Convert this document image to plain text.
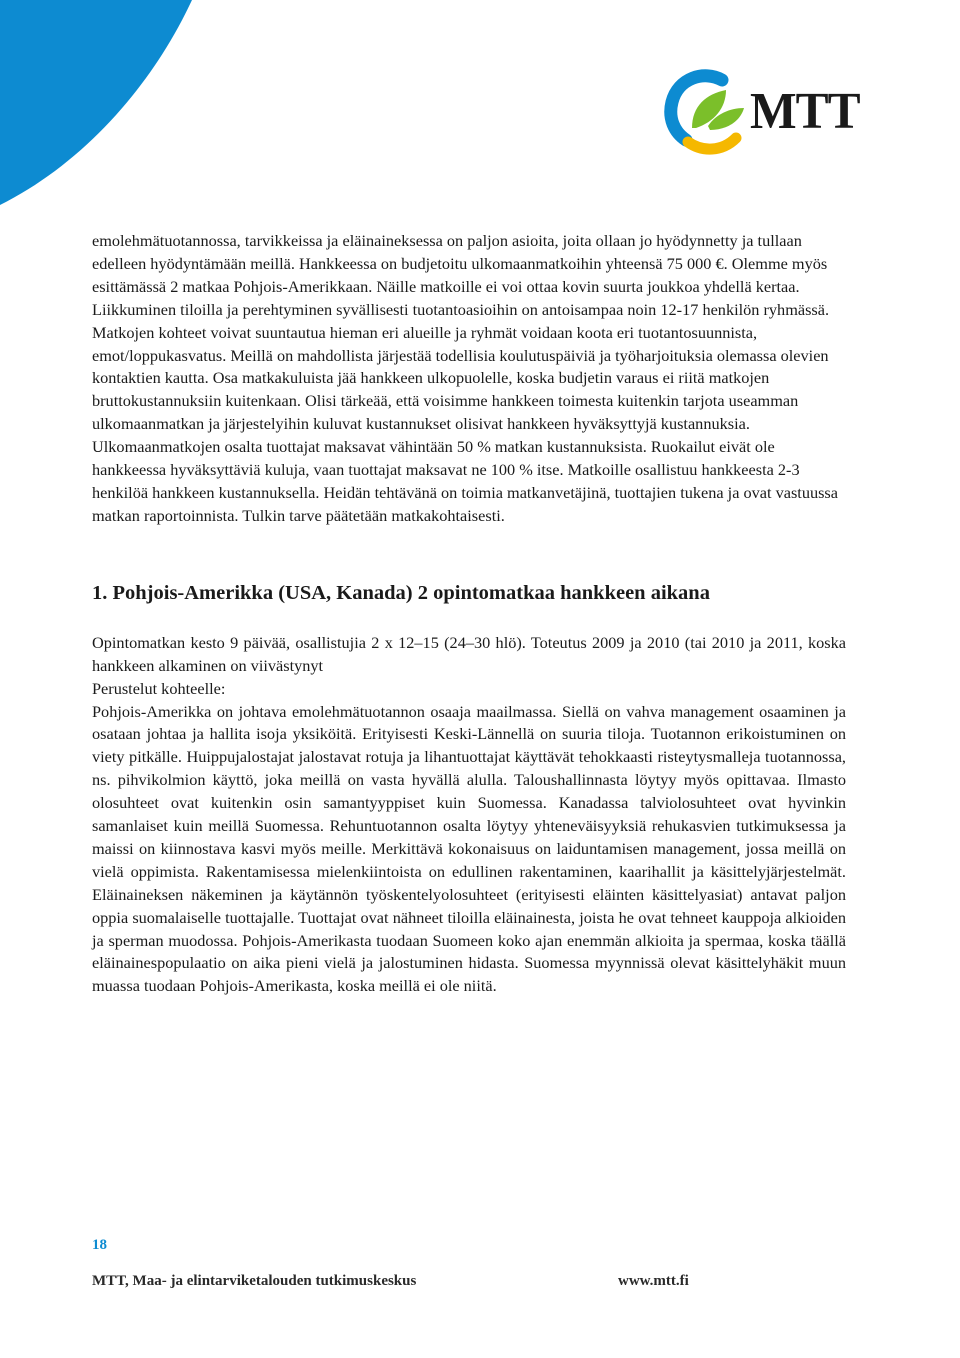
MTT

emolehmätuotannossa, tarvikkeissa ja eläinaineksessa on paljon asioita, joita ollaan jo hyödynnetty ja tullaan edelleen hyödyntämään meillä. Hankkeessa on budjetoitu ulkomaanmatkoihin yhteensä 75 000 €. Olemme myös esittämässä 2 matkaa Pohjois-Amerikkaan. Näille matkoille ei voi ottaa kovin suurta joukkoa yhdellä kertaa. Liikkuminen tiloilla ja perehtyminen syvällisesti tuotantoasioihin on antoisampaa noin 12-17 henkilön ryhmässä. Matkojen kohteet voivat suuntautua hieman eri alueille ja ryhmät voidaan koota eri tuotantosuunnista, emot/loppukasvatus. Meillä on mahdollista järjestää todellisia koulutuspäiviä ja työharjoituksia olemassa olevien kontaktien kautta. Osa matkakuluista jää hankkeen ulkopuolelle, koska budjetin varaus ei riitä matkojen bruttokustannuksiin kuitenkaan. Olisi tärkeää, että voisimme hankkeen toimesta kuitenkin tarjota useamman ulkomaanmatkan ja järjestelyihin kuluvat kustannukset olisivat hankkeen hyväksyttyjä kustannuksia. Ulkomaanmatkojen osalta tuottajat maksavat vähintään 50 % matkan kustannuksista. Ruokailut eivät ole hankkeessa hyväksyttäviä kuluja, vaan tuottajat maksavat ne 100 % itse. Matkoille osallistuu hankkeesta 2-3 henkilöä hankkeen kustannuksella. Heidän tehtävänä on toimia matkanvetäjinä, tuottajien tukena ja ovat vastuussa matkan raportoinnista. Tulkin tarve päätetään matkakohtaisesti.

1. Pohjois-Amerikka (USA, Kanada) 2 opintomatkaa hankkeen aikana

Opintomatkan kesto 9 päivää, osallistujia 2 x 12–15 (24–30 hlö). Toteutus 2009 ja 2010 (tai 2010 ja 2011, koska hankkeen alkaminen on viivästynyt

Perustelut kohteelle:

Pohjois-Amerikka on johtava emolehmätuotannon osaaja maailmassa. Siellä on vahva management osaaminen ja osataan johtaa ja hallita isoja yksiköitä. Erityisesti Keski-Lännellä on suuria tiloja. Tuotannon erikoistuminen on viety pitkälle. Huippujalostajat jalostavat rotuja ja lihantuottajat käyttävät tehokkaasti risteytysmalleja tuotannossa, ns. pihvikolmion käyttö, joka meillä on vasta hyvällä alulla. Taloushallinnasta löytyy myös opittavaa. Ilmasto olosuhteet ovat kuitenkin osin samantyyppiset kuin Suomessa. Kanadassa talviolosuhteet ovat hyvinkin samanlaiset kuin meillä Suomessa. Rehuntuotannon osalta löytyy yhteneväisyyksiä rehukasvien tutkimuksessa ja maissi on kiinnostava kasvi myös meille. Merkittävä kokonaisuus on laiduntamisen management, jossa meillä on vielä oppimista. Rakentamisessa mielenkiintoista on edullinen rakentaminen, kaarihallit ja käsittelyjärjestelmät. Eläinaineksen näkeminen ja käytännön työskentelyolosuhteet (erityisesti eläinten käsittelyasiat) antavat paljon oppia suomalaiselle tuottajalle. Tuottajat ovat nähneet tiloilla eläinainesta, joista he ovat tehneet kauppoja alkioiden ja sperman muodossa. Pohjois-Amerikasta tuodaan Suomeen koko ajan enemmän alkioita ja spermaa, koska täällä eläinainespopulaatio on aika pieni vielä ja jalostuminen hidasta. Suomessa myynnissä olevat käsittelyhäkit muun muassa tuodaan Pohjois-Amerikasta, koska meillä ei ole niitä.

18
MTT, Maa- ja elintarviketalouden tutkimuskeskus	www.mtt.fi
